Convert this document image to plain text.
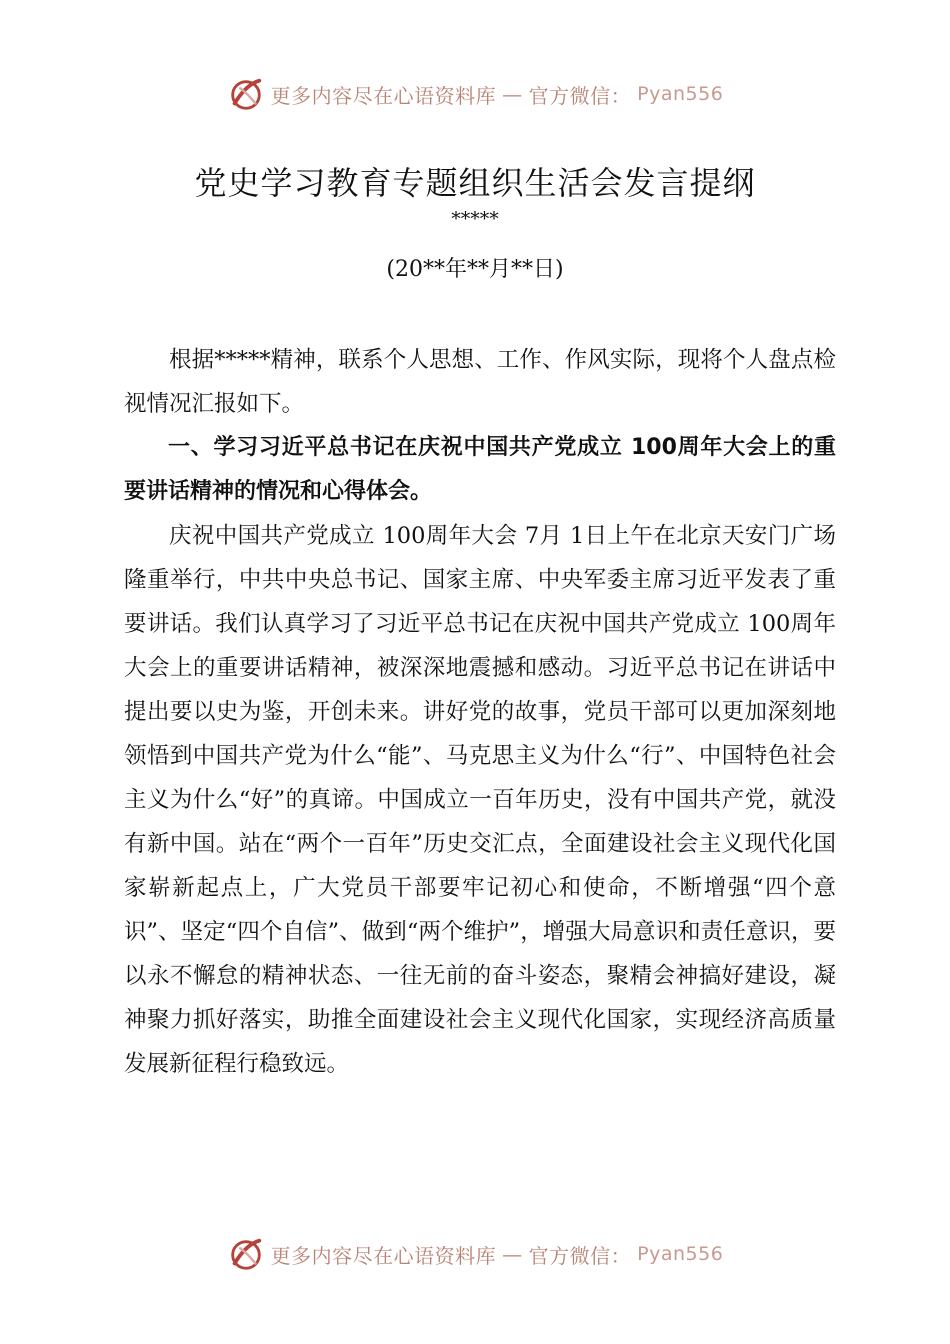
更多内容尽在心语资料库 — 官方微信： Pyan556
党史学习教育专题组织生活会发言提纲
*****
(20**年**月**日)

根据*****精神，联系个人思想、工作、作风实际，现将个人盘点检视情况汇报如下。

一、学习习近平总书记在庆祝中国共产党成立 100周年大会上的重要讲话精神的情况和心得体会。

庆祝中国共产党成立 100周年大会 7月 1日上午在北京天安门广场隆重举行，中共中央总书记、国家主席、中央军委主席习近平发表了重要讲话。我们认真学习了习近平总书记在庆祝中国共产党成立 100周年大会上的重要讲话精神，被深深地震撼和感动。习近平总书记在讲话中提出要以史为鉴，开创未来。讲好党的故事，党员干部可以更加深刻地领悟到中国共产党为什么“能”、马克思主义为什么“行”、中国特色社会主义为什么“好”的真谛。中国成立一百年历史，没有中国共产党，就没有新中国。站在“两个一百年”历史交汇点，全面建设社会主义现代化国家崭新起点上，广大党员干部要牢记初心和使命，不断增强“四个意识”、坚定“四个自信”、做到“两个维护”，增强大局意识和责任意识，要以永不懈怠的精神状态、一往无前的奋斗姿态，聚精会神搞好建设，凝神聚力抓好落实，助推全面建设社会主义现代化国家，实现经济高质量发展新征程行稳致远。

更多内容尽在心语资料库 — 官方微信： Pyan556
